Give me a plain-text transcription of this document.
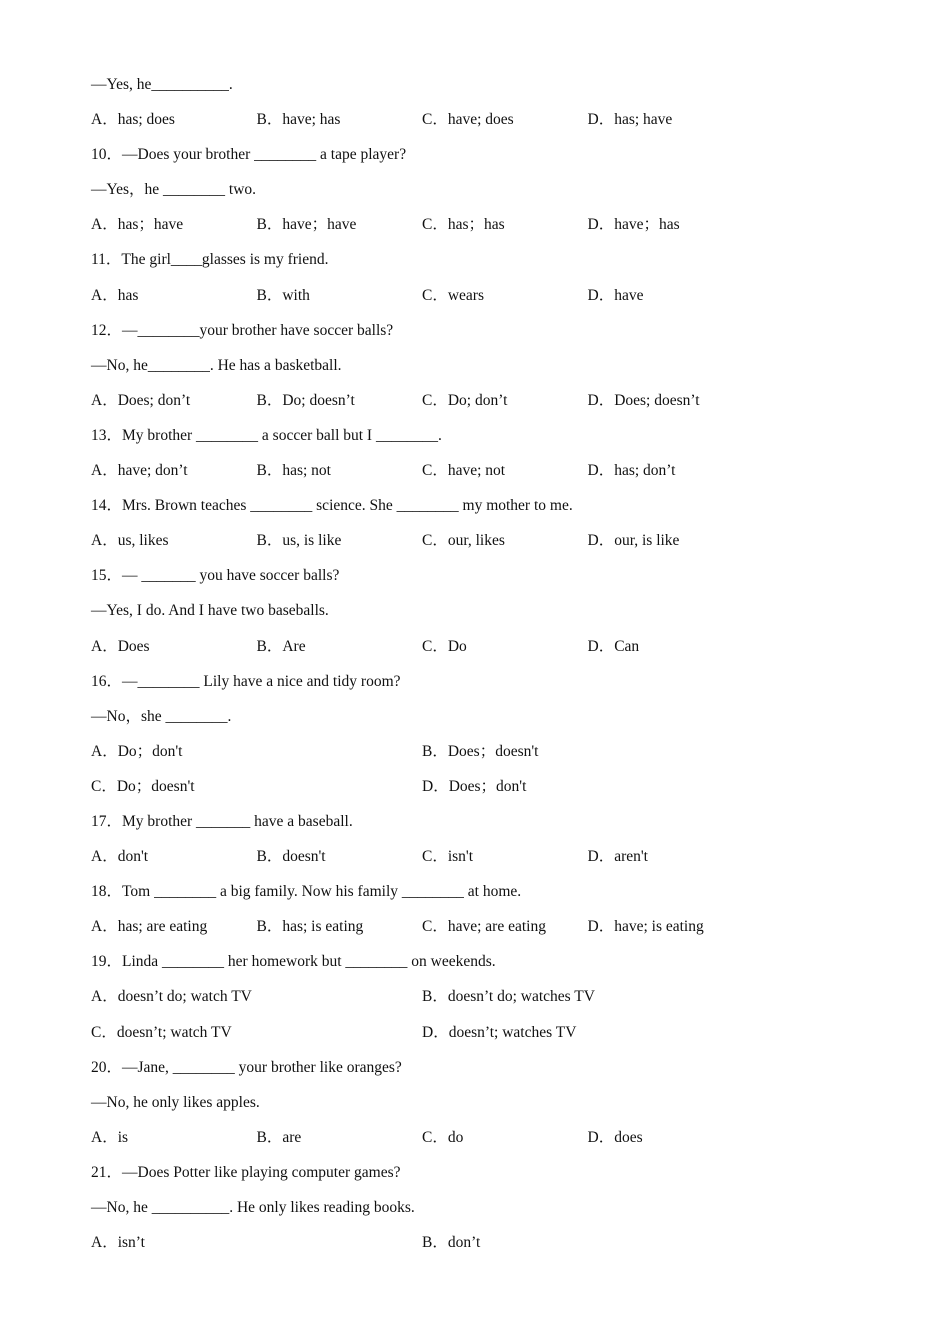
—Yes, he__________.
A．has; does	B．have; has	C．have; does	D．has; have
10．—Does your brother ________ a tape player?
—Yes，he ________ two.
A．has；have	B．have；have	C．has；has	D．have；has
11．The girl____glasses is my friend.
A．has	B．with	C．wears	D．have
12．—________your brother have soccer balls?
—No, he________. He has a basketball.
A．Does; don’t	B．Do; doesn’t	C．Do; don’t	D．Does; doesn’t
13．My brother ________ a soccer ball but I ________.
A．have; don’t	B．has; not	C．have; not	D．has; don’t
14．Mrs. Brown teaches ________ science. She ________ my mother to me.
A．us, likes	B．us, is like	C．our, likes	D．our, is like
15．— _______ you have soccer balls?
—Yes, I do. And I have two baseballs.
A．Does	B．Are	C．Do	D．Can
16．—________ Lily have a nice and tidy room?
—No，she ________.
A．Do；don't	B．Does；doesn't
C．Do；doesn't	D．Does；don't
17．My brother _______ have a baseball.
A．don't	B．doesn't	C．isn't	D．aren't
18．Tom ________ a big family. Now his family ________ at home.
A．has; are eating	B．has; is eating	C．have; are eating	D．have; is eating
19．Linda ________ her homework but ________ on weekends.
A．doesn’t do; watch TV	B．doesn’t do; watches TV
C．doesn’t; watch TV	D．doesn’t; watches TV
20．—Jane, ________ your brother like oranges?
—No, he only likes apples.
A．is	B．are	C．do	D．does
21．—Does Potter like playing computer games?
—No, he __________. He only likes reading books.
A．isn’t	B．don’t
